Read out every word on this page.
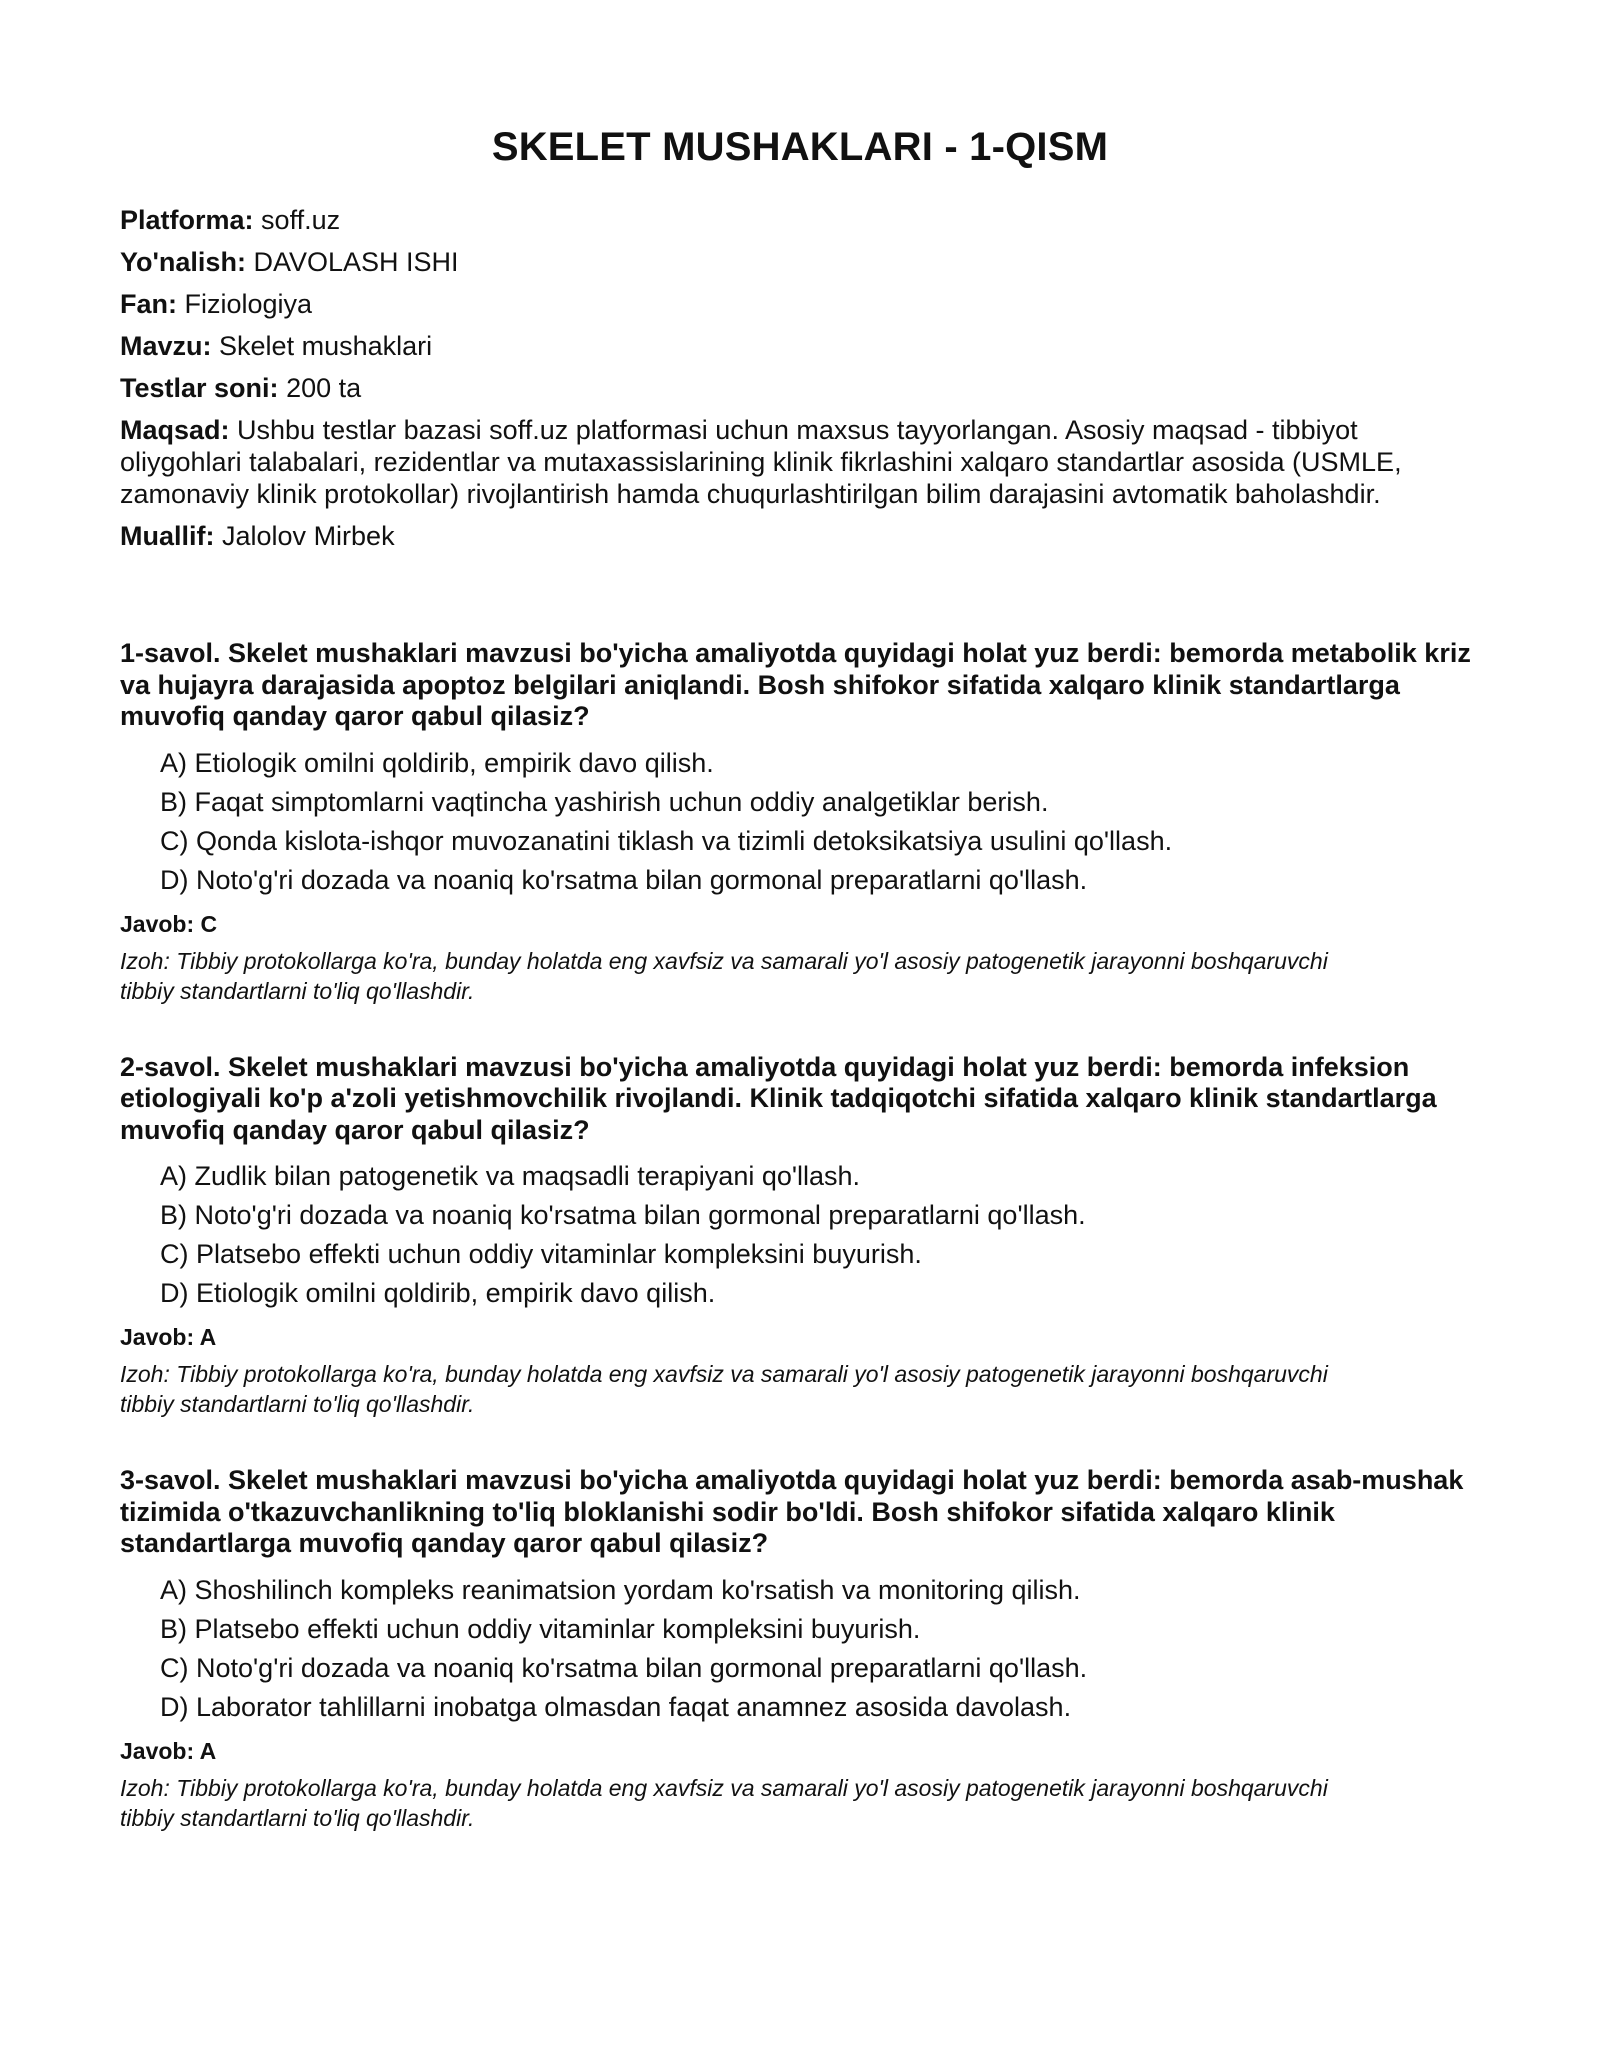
SKELET MUSHAKLARI - 1-QISM

Platforma: soff.uz

Yo'nalish: DAVOLASH ISHI

Fan: Fiziologiya

Mavzu: Skelet mushaklari

Testlar soni: 200 ta

Maqsad: Ushbu testlar bazasi soff.uz platformasi uchun maxsus tayyorlangan. Asosiy maqsad - tibbiyot oliygohlari talabalari, rezidentlar va mutaxassislarining klinik fikrlashini xalqaro standartlar asosida (USMLE, zamonaviy klinik protokollar) rivojlantirish hamda chuqurlashtirilgan bilim darajasini avtomatik baholashdir.

Muallif: Jalolov Mirbek

1-savol. Skelet mushaklari mavzusi bo'yicha amaliyotda quyidagi holat yuz berdi: bemorda metabolik kriz va hujayra darajasida apoptoz belgilari aniqlandi. Bosh shifokor sifatida xalqaro klinik standartlarga muvofiq qanday qaror qabul qilasiz?

A) Etiologik omilni qoldirib, empirik davo qilish.
B) Faqat simptomlarni vaqtincha yashirish uchun oddiy analgetiklar berish.
C) Qonda kislota-ishqor muvozanatini tiklash va tizimli detoksikatsiya usulini qo'llash.
D) Noto'g'ri dozada va noaniq ko'rsatma bilan gormonal preparatlarni qo'llash.

Javob: C

Izoh: Tibbiy protokollarga ko'ra, bunday holatda eng xavfsiz va samarali yo'l asosiy patogenetik jarayonni boshqaruvchi tibbiy standartlarni to'liq qo'llashdir.

2-savol. Skelet mushaklari mavzusi bo'yicha amaliyotda quyidagi holat yuz berdi: bemorda infeksion etiologiyali ko'p a'zoli yetishmovchilik rivojlandi. Klinik tadqiqotchi sifatida xalqaro klinik standartlarga muvofiq qanday qaror qabul qilasiz?

A) Zudlik bilan patogenetik va maqsadli terapiyani qo'llash.
B) Noto'g'ri dozada va noaniq ko'rsatma bilan gormonal preparatlarni qo'llash.
C) Platsebo effekti uchun oddiy vitaminlar kompleksini buyurish.
D) Etiologik omilni qoldirib, empirik davo qilish.

Javob: A

Izoh: Tibbiy protokollarga ko'ra, bunday holatda eng xavfsiz va samarali yo'l asosiy patogenetik jarayonni boshqaruvchi tibbiy standartlarni to'liq qo'llashdir.

3-savol. Skelet mushaklari mavzusi bo'yicha amaliyotda quyidagi holat yuz berdi: bemorda asab-mushak tizimida o'tkazuvchanlikning to'liq bloklanishi sodir bo'ldi. Bosh shifokor sifatida xalqaro klinik standartlarga muvofiq qanday qaror qabul qilasiz?

A) Shoshilinch kompleks reanimatsion yordam ko'rsatish va monitoring qilish.
B) Platsebo effekti uchun oddiy vitaminlar kompleksini buyurish.
C) Noto'g'ri dozada va noaniq ko'rsatma bilan gormonal preparatlarni qo'llash.
D) Laborator tahlillarni inobatga olmasdan faqat anamnez asosida davolash.

Javob: A

Izoh: Tibbiy protokollarga ko'ra, bunday holatda eng xavfsiz va samarali yo'l asosiy patogenetik jarayonni boshqaruvchi tibbiy standartlarni to'liq qo'llashdir.
